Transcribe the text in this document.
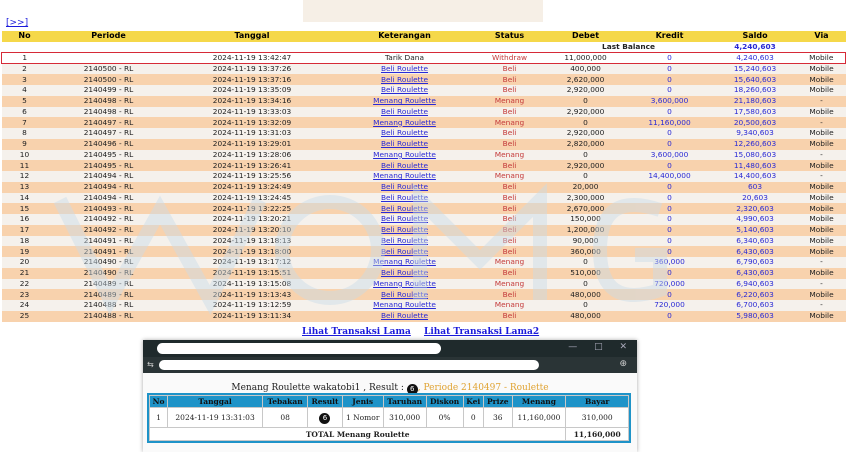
[>>]
No	Periode	Tanggal	Keterangan	Status	Debet	Kredit	Saldo	Via
					Last Balance		4,240,603	
1		2024-11-19 13:42:47	Tarik Dana	Withdraw	11,000,000	0	4,240,603	Mobile
2	2140500 - RL	2024-11-19 13:37:26	Beli Roulette	Beli	400,000	0	15,240,603	Mobile
3	2140500 - RL	2024-11-19 13:37:16	Beli Roulette	Beli	2,620,000	0	15,640,603	Mobile
4	2140499 - RL	2024-11-19 13:35:09	Beli Roulette	Beli	2,920,000	0	18,260,603	Mobile
5	2140498 - RL	2024-11-19 13:34:16	Menang Roulette	Menang	0	3,600,000	21,180,603	-
6	2140498 - RL	2024-11-19 13:33:03	Beli Roulette	Beli	2,920,000	0	17,580,603	Mobile
7	2140497 - RL	2024-11-19 13:32:09	Menang Roulette	Menang	0	11,160,000	20,500,603	-
8	2140497 - RL	2024-11-19 13:31:03	Beli Roulette	Beli	2,920,000	0	9,340,603	Mobile
9	2140496 - RL	2024-11-19 13:29:01	Beli Roulette	Beli	2,820,000	0	12,260,603	Mobile
10	2140495 - RL	2024-11-19 13:28:06	Menang Roulette	Menang	0	3,600,000	15,080,603	-
11	2140495 - RL	2024-11-19 13:26:41	Beli Roulette	Beli	2,920,000	0	11,480,603	Mobile
12	2140494 - RL	2024-11-19 13:25:56	Menang Roulette	Menang	0	14,400,000	14,400,603	-
13	2140494 - RL	2024-11-19 13:24:49	Beli Roulette	Beli	20,000	0	603	Mobile
14	2140494 - RL	2024-11-19 13:24:45	Beli Roulette	Beli	2,300,000	0	20,603	Mobile
15	2140493 - RL	2024-11-19 13:22:25	Beli Roulette	Beli	2,670,000	0	2,320,603	Mobile
16	2140492 - RL	2024-11-19 13:20:21	Beli Roulette	Beli	150,000	0	4,990,603	Mobile
17	2140492 - RL	2024-11-19 13:20:10	Beli Roulette	Beli	1,200,000	0	5,140,603	Mobile
18	2140491 - RL	2024-11-19 13:18:13	Beli Roulette	Beli	90,000	0	6,340,603	Mobile
19	2140491 - RL	2024-11-19 13:18:00	Beli Roulette	Beli	360,000	0	6,430,603	Mobile
20	2140490 - RL	2024-11-19 13:17:12	Menang Roulette	Menang	0	360,000	6,790,603	-
21	2140490 - RL	2024-11-19 13:15:51	Beli Roulette	Beli	510,000	0	6,430,603	Mobile
22	2140489 - RL	2024-11-19 13:15:08	Menang Roulette	Menang	0	720,000	6,940,603	-
23	2140489 - RL	2024-11-19 13:13:43	Beli Roulette	Beli	480,000	0	6,220,603	Mobile
24	2140488 - RL	2024-11-19 13:12:59	Menang Roulette	Menang	0	720,000	6,700,603	-
25	2140488 - RL	2024-11-19 13:11:34	Beli Roulette	Beli	480,000	0	5,980,603	Mobile
Lihat Transaksi Lama Lihat Transaksi Lama2
— □ ✕
⇆	⊕
Menang Roulette wakatobi1 , Result : 6 , Periode 2140497 - Roulette
No	Tanggal	Tebakan	Result	Jenis	Taruhan	Diskon	Kei	Prize	Menang	Bayar
1	2024-11-19 13:31:03	08	6	1 Nomor	310,000	0%	0	36	11,160,000	310,000
TOTAL Menang Roulette										11,160,000
